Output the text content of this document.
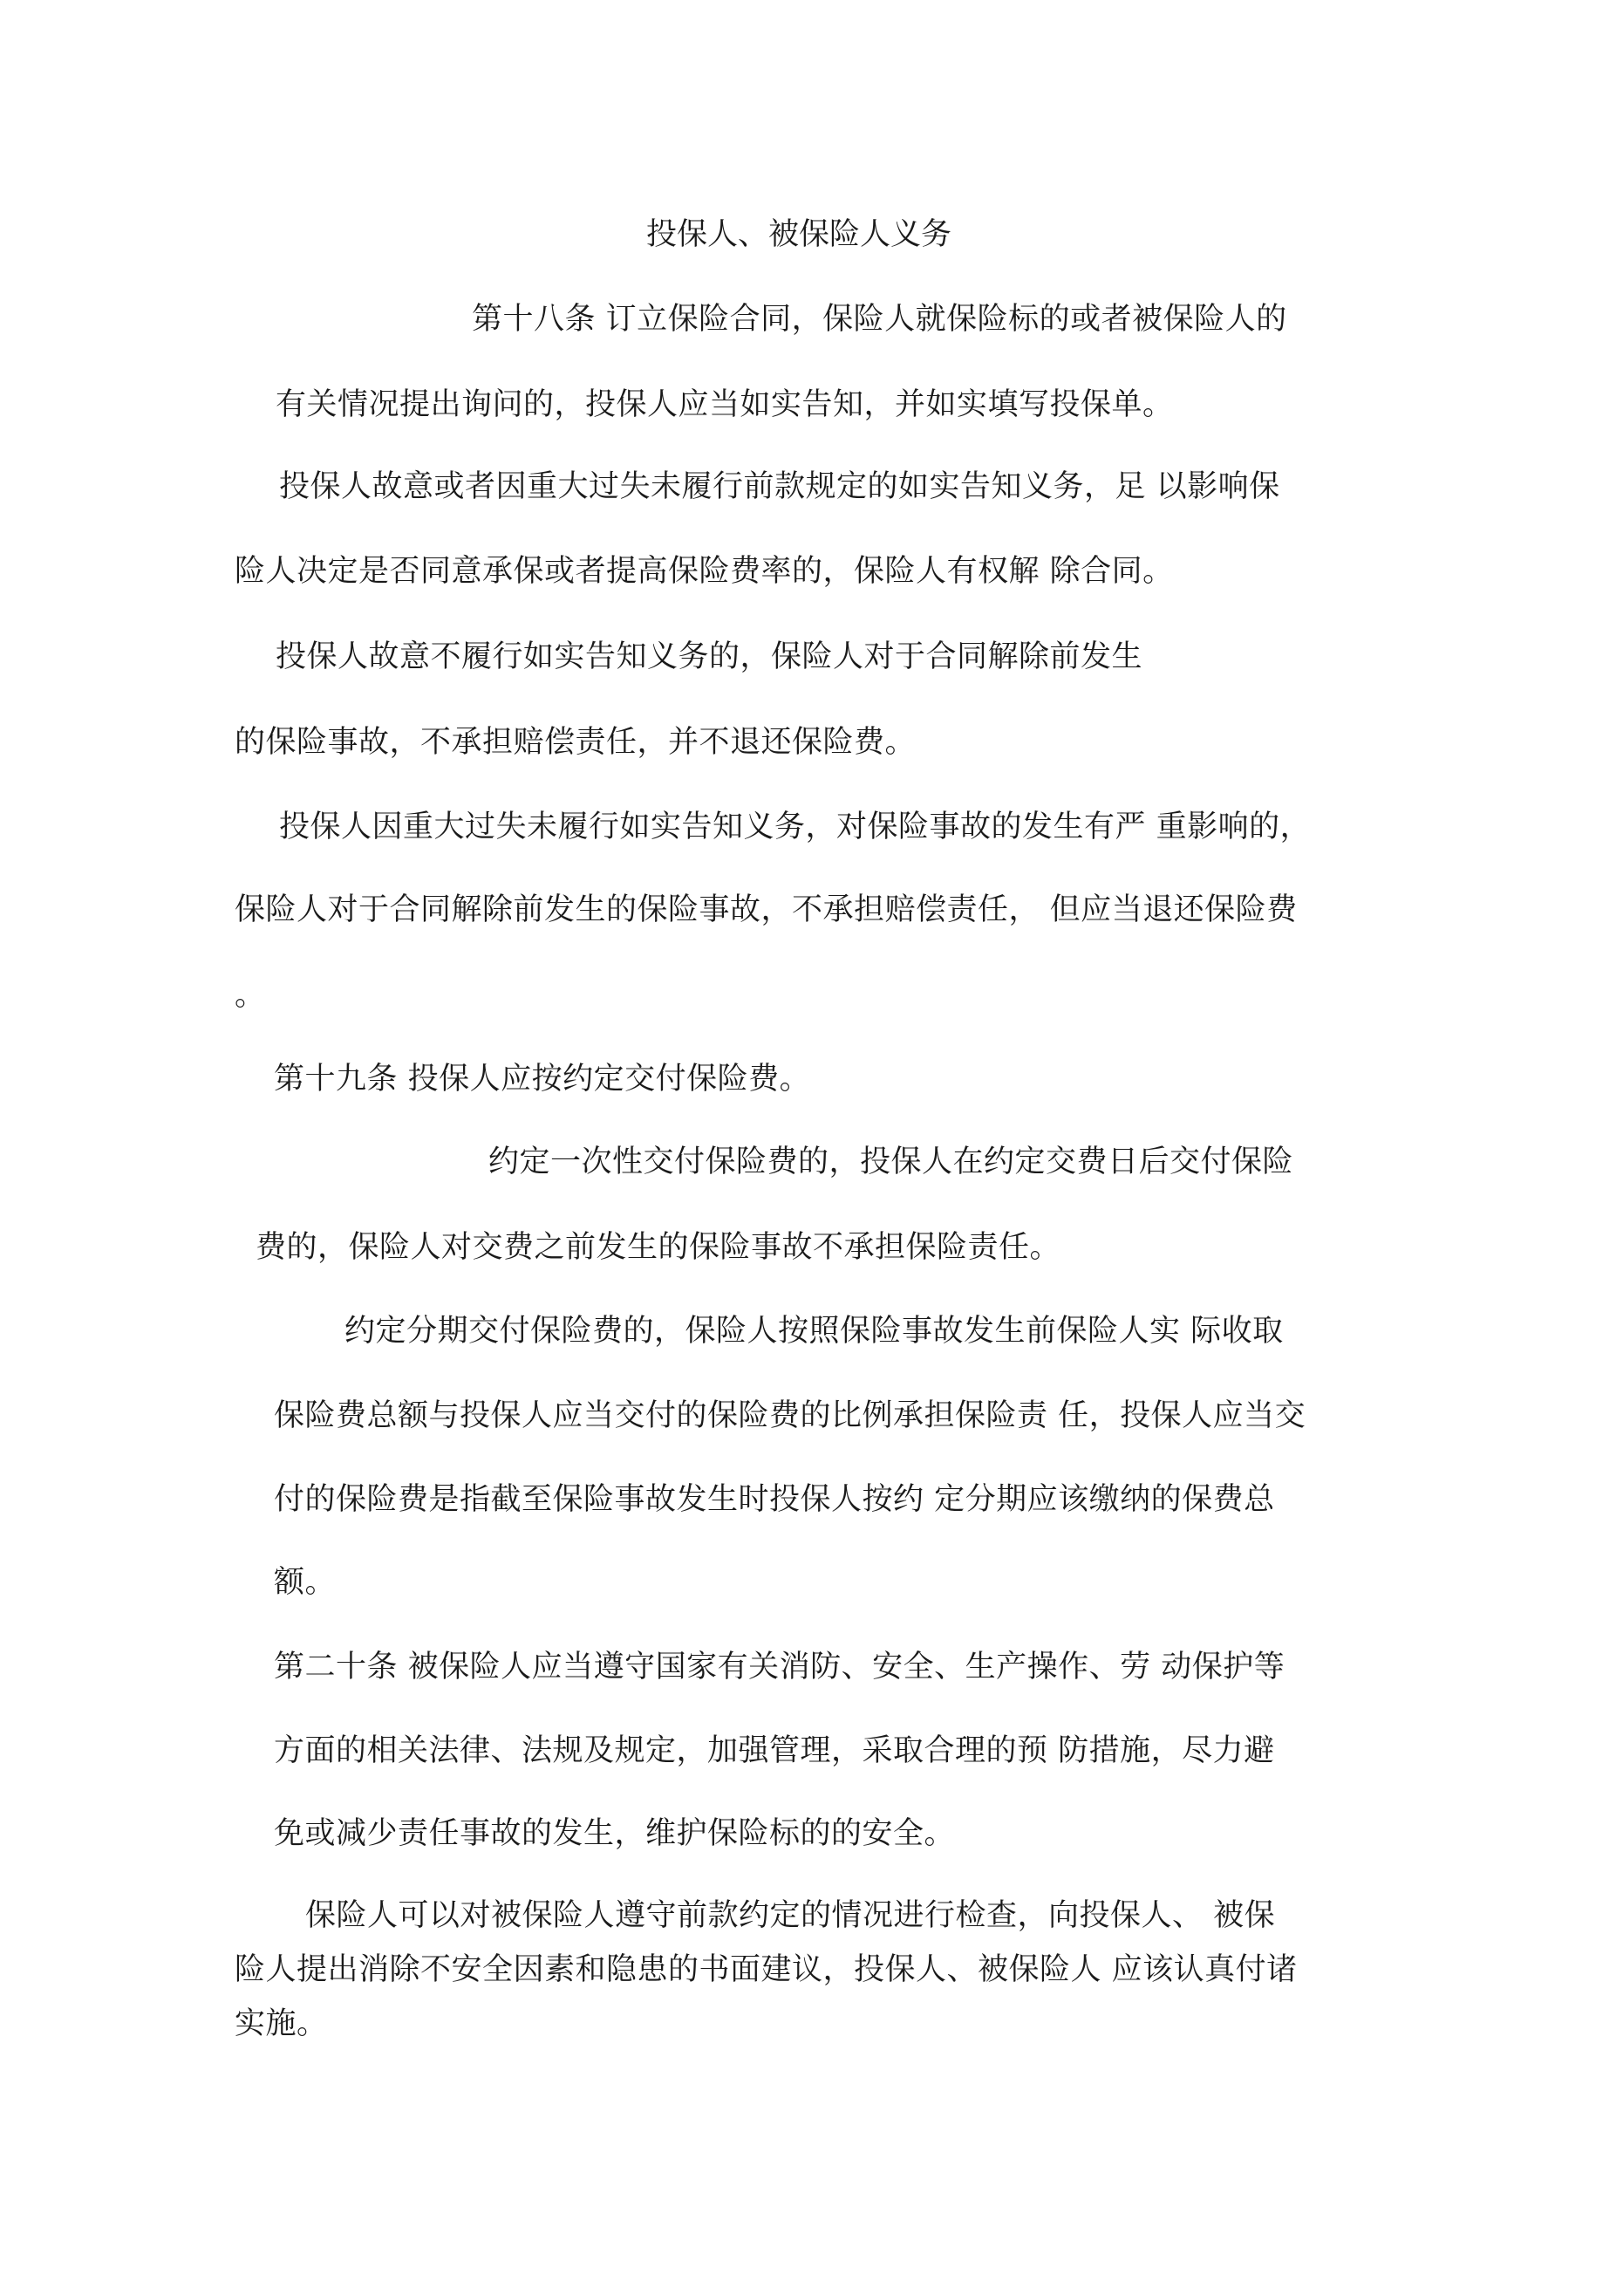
投保人、被保险人义务
第十八条 订立保险合同，保险人就保险标的或者被保险人的
有关情况提出询问的，投保人应当如实告知，并如实填写投保单。
投保人故意或者因重大过失未履行前款规定的如实告知义务，足 以影响保
险人决定是否同意承保或者提高保险费率的，保险人有权解 除合同。
投保人故意不履行如实告知义务的，保险人对于合同解除前发生
的保险事故，不承担赔偿责任，并不退还保险费。
投保人因重大过失未履行如实告知义务，对保险事故的发生有严 重影响的，
保险人对于合同解除前发生的保险事故，不承担赔偿责任， 但应当退还保险费
。
第十九条 投保人应按约定交付保险费。
约定一次性交付保险费的，投保人在约定交费日后交付保险
费的，保险人对交费之前发生的保险事故不承担保险责任。
约定分期交付保险费的，保险人按照保险事故发生前保险人实 际收取
保险费总额与投保人应当交付的保险费的比例承担保险责 任，投保人应当交
付的保险费是指截至保险事故发生时投保人按约 定分期应该缴纳的保费总
额。
第二十条 被保险人应当遵守国家有关消防、安全、生产操作、劳 动保护等
方面的相关法律、法规及规定，加强管理，采取合理的预 防措施，尽力避
免或减少责任事故的发生，维护保险标的的安全。
保险人可以对被保险人遵守前款约定的情况进行检查，向投保人、 被保
险人提出消除不安全因素和隐患的书面建议，投保人、被保险人 应该认真付诸
实施。
